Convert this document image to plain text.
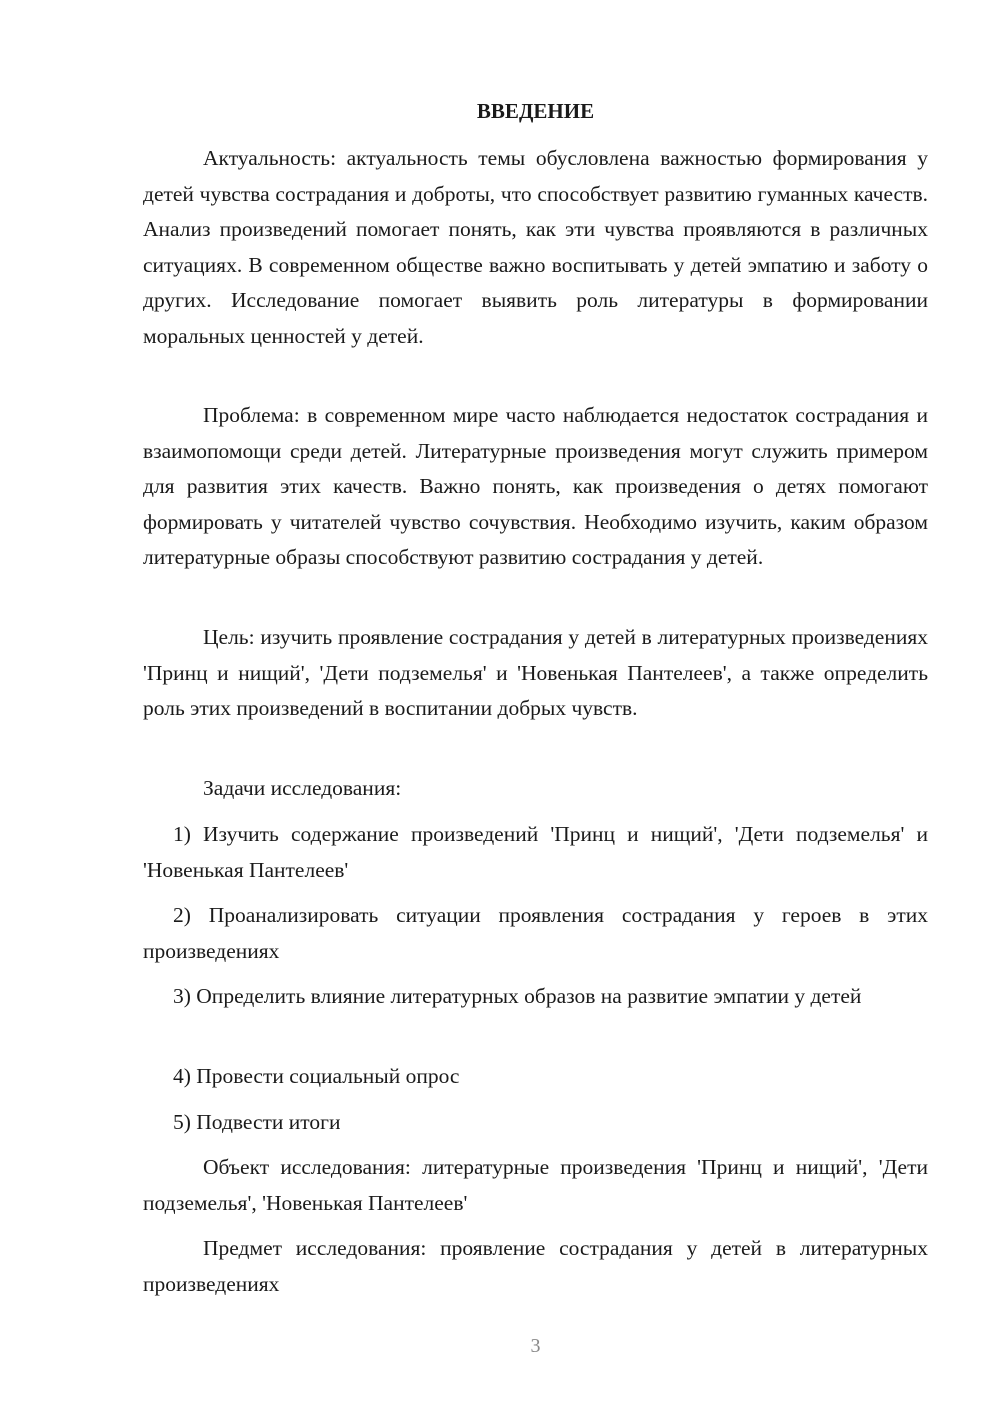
ВВЕДЕНИЕ

Актуальность: актуальность темы обусловлена важностью формирования у детей чувства сострадания и доброты, что способствует развитию гуманных качеств. Анализ произведений помогает понять, как эти чувства проявляются в различных ситуациях. В современном обществе важно воспитывать у детей эмпатию и заботу о других. Исследование помогает выявить роль литературы в формировании моральных ценностей у детей.

Проблема: в современном мире часто наблюдается недостаток сострадания и взаимопомощи среди детей. Литературные произведения могут служить примером для развития этих качеств. Важно понять, как произведения о детях помогают формировать у читателей чувство сочувствия. Необходимо изучить, каким образом литературные образы способствуют развитию сострадания у детей.

Цель: изучить проявление сострадания у детей в литературных произведениях 'Принц и нищий', 'Дети подземелья' и 'Новенькая Пантелеев', а также определить роль этих произведений в воспитании добрых чувств.

Задачи исследования:

1) Изучить содержание произведений 'Принц и нищий', 'Дети подземелья' и 'Новенькая Пантелеев'

2) Проанализировать ситуации проявления сострадания у героев в этих произведениях

3) Определить влияние литературных образов на развитие эмпатии у детей

4) Провести социальный опрос

5) Подвести итоги

Объект исследования: литературные произведения 'Принц и нищий', 'Дети подземелья', 'Новенькая Пантелеев'

Предмет исследования: проявление сострадания у детей в литературных произведениях

3
